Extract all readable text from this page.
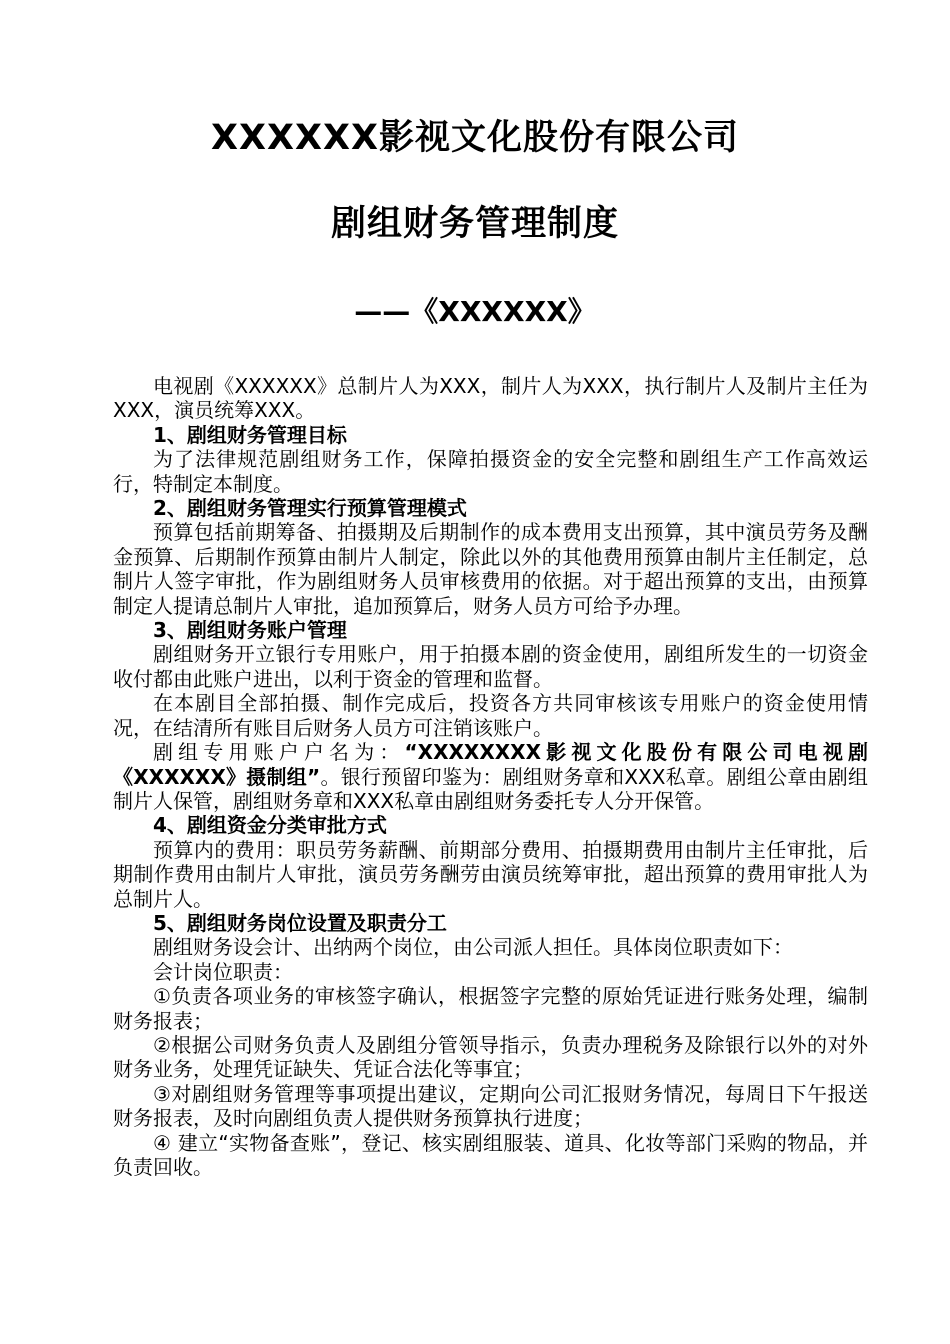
XXXXXX影视文化股份有限公司
剧组财务管理制度
——《XXXXXX》

电视剧《XXXXXX》总制片人为XXX，制片人为XXX，执行制片人及制片主任为XXX，演员统筹XXX。

1、剧组财务管理目标

为了法律规范剧组财务工作，保障拍摄资金的安全完整和剧组生产工作高效运行，特制定本制度。

2、剧组财务管理实行预算管理模式

预算包括前期筹备、拍摄期及后期制作的成本费用支出预算，其中演员劳务及酬金预算、后期制作预算由制片人制定，除此以外的其他费用预算由制片主任制定，总制片人签字审批，作为剧组财务人员审核费用的依据。对于超出预算的支出，由预算制定人提请总制片人审批，追加预算后，财务人员方可给予办理。

3、剧组财务账户管理

剧组财务开立银行专用账户，用于拍摄本剧的资金使用，剧组所发生的一切资金收付都由此账户进出，以利于资金的管理和监督。

在本剧目全部拍摄、制作完成后，投资各方共同审核该专用账户的资金使用情况，在结清所有账目后财务人员方可注销该账户。

剧组专用账户户名为：“XXXXXXXX影视文化股份有限公司电视剧《XXXXXX》摄制组”。银行预留印鉴为：剧组财务章和XXX私章。剧组公章由剧组制片人保管，剧组财务章和XXX私章由剧组财务委托专人分开保管。

4、剧组资金分类审批方式

预算内的费用：职员劳务薪酬、前期部分费用、拍摄期费用由制片主任审批，后期制作费用由制片人审批，演员劳务酬劳由演员统筹审批，超出预算的费用审批人为总制片人。

5、剧组财务岗位设置及职责分工

剧组财务设会计、出纳两个岗位，由公司派人担任。具体岗位职责如下：

会计岗位职责：

①负责各项业务的审核签字确认，根据签字完整的原始凭证进行账务处理，编制财务报表；

②根据公司财务负责人及剧组分管领导指示，负责办理税务及除银行以外的对外财务业务，处理凭证缺失、凭证合法化等事宜；

③对剧组财务管理等事项提出建议，定期向公司汇报财务情况，每周日下午报送财务报表，及时向剧组负责人提供财务预算执行进度；

④ 建立“实物备查账”，登记、核实剧组服装、道具、化妆等部门采购的物品，并负责回收。
